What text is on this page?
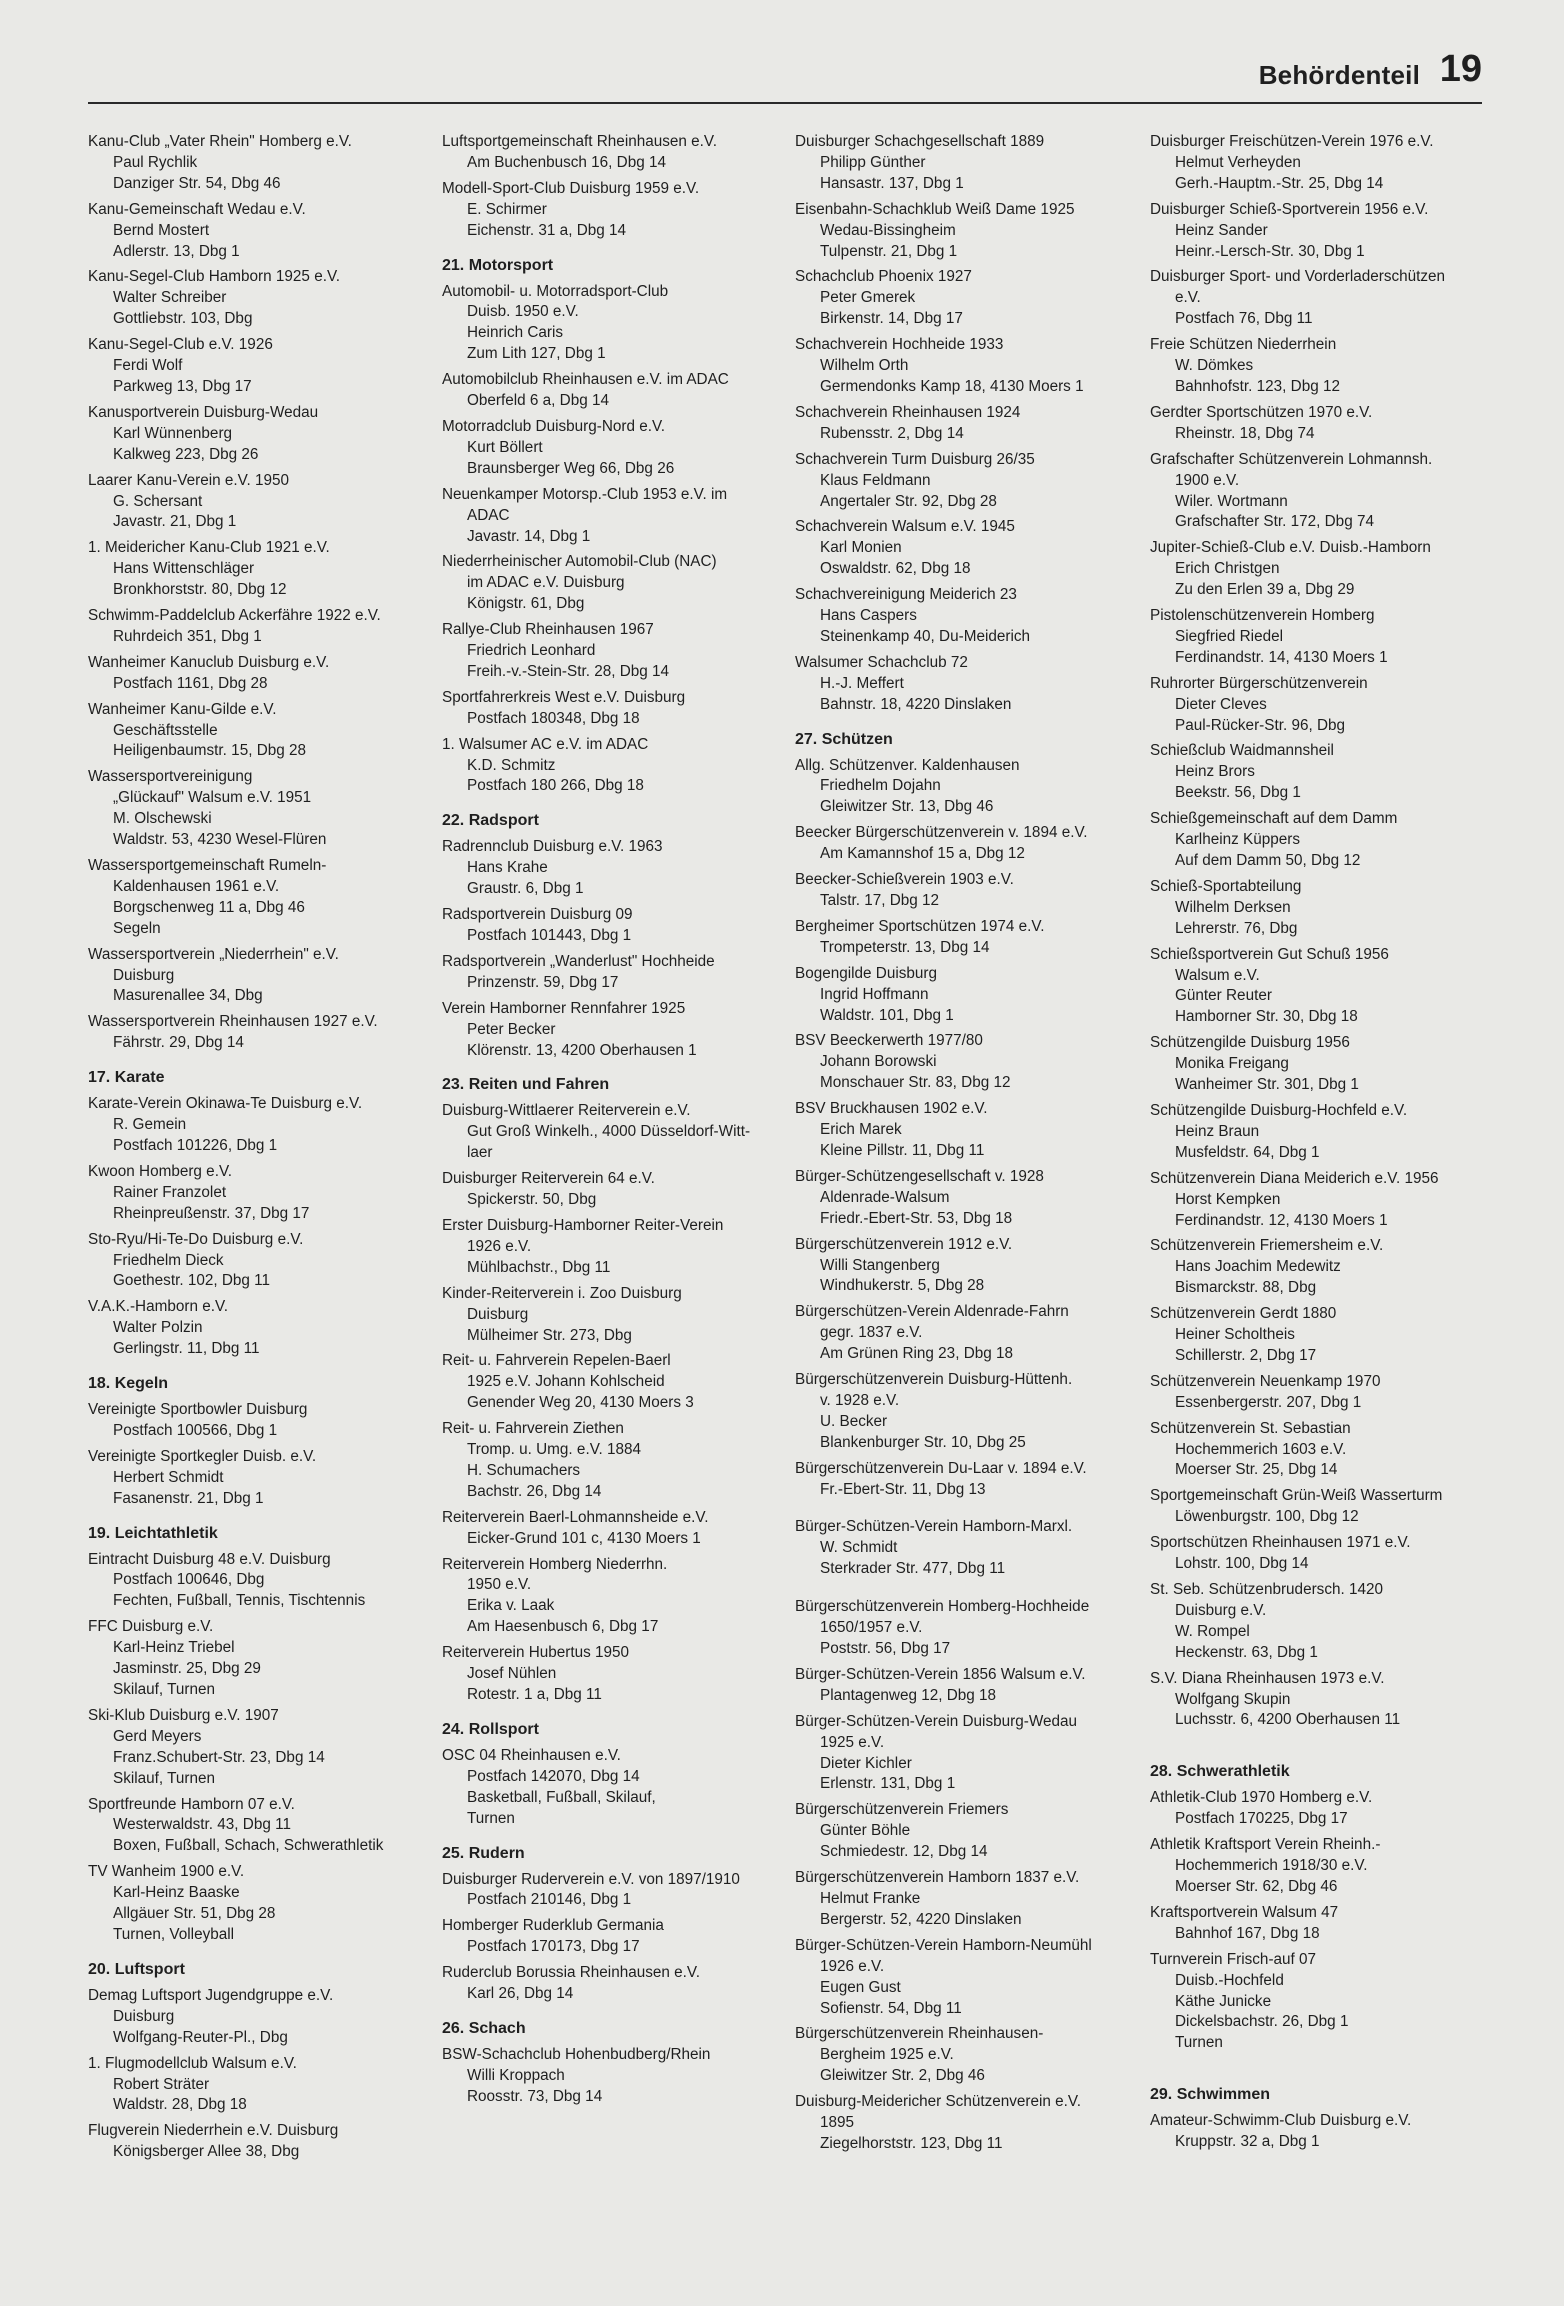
Behördenteil 19
Kanu-Club „Vater Rhein" Homberg e.V.
Paul Rychlik
Danziger Str. 54, Dbg 46
Kanu-Gemeinschaft Wedau e.V.
Bernd Mostert
Adlerstr. 13, Dbg 1
Kanu-Segel-Club Hamborn 1925 e.V.
Walter Schreiber
Gottliebstr. 103, Dbg
Kanu-Segel-Club e.V. 1926
Ferdi Wolf
Parkweg 13, Dbg 17
Kanusportverein Duisburg-Wedau
Karl Wünnenberg
Kalkweg 223, Dbg 26
Laarer Kanu-Verein e.V. 1950
G. Schersant
Javastr. 21, Dbg 1
1. Meidericher Kanu-Club 1921 e.V.
Hans Wittenschläger
Bronkhorststr. 80, Dbg 12
Schwimm-Paddelclub Ackerfähre 1922 e.V.
Ruhrdeich 351, Dbg 1
Wanheimer Kanuclub Duisburg e.V.
Postfach 1161, Dbg 28
Wanheimer Kanu-Gilde e.V.
Geschäftsstelle
Heiligenbaumstr. 15, Dbg 28
Wassersportvereinigung
„Glückauf" Walsum e.V. 1951
M. Olschewski
Waldstr. 53, 4230 Wesel-Flüren
Wassersportgemeinschaft Rumeln-
Kaldenhausen 1961 e.V.
Borgschenweg 11 a, Dbg 46
Segeln
Wassersportverein „Niederrhein" e.V.
Duisburg
Masurenallee 34, Dbg
Wassersportverein Rheinhausen 1927 e.V.
Fährstr. 29, Dbg 14
17. Karate
Karate-Verein Okinawa-Te Duisburg e.V.
R. Gemein
Postfach 101226, Dbg 1
Kwoon Homberg e.V.
Rainer Franzolet
Rheinpreußenstr. 37, Dbg 17
Sto-Ryu/Hi-Te-Do Duisburg e.V.
Friedhelm Dieck
Goethestr. 102, Dbg 11
V.A.K.-Hamborn e.V.
Walter Polzin
Gerlingstr. 11, Dbg 11
18. Kegeln
Vereinigte Sportbowler Duisburg
Postfach 100566, Dbg 1
Vereinigte Sportkegler Duisb. e.V.
Herbert Schmidt
Fasanenstr. 21, Dbg 1
19. Leichtathletik
Eintracht Duisburg 48 e.V. Duisburg
Postfach 100646, Dbg
Fechten, Fußball, Tennis, Tischtennis
FFC Duisburg e.V.
Karl-Heinz Triebel
Jasminstr. 25, Dbg 29
Skilauf, Turnen
Ski-Klub Duisburg e.V. 1907
Gerd Meyers
Franz.Schubert-Str. 23, Dbg 14
Skilauf, Turnen
Sportfreunde Hamborn 07 e.V.
Westerwaldstr. 43, Dbg 11
Boxen, Fußball, Schach, Schwerathletik
TV Wanheim 1900 e.V.
Karl-Heinz Baaske
Allgäuer Str. 51, Dbg 28
Turnen, Volleyball
20. Luftsport
Demag Luftsport Jugendgruppe e.V.
Duisburg
Wolfgang-Reuter-Pl., Dbg
1. Flugmodellclub Walsum e.V.
Robert Sträter
Waldstr. 28, Dbg 18
Flugverein Niederrhein e.V. Duisburg
Königsberger Allee 38, Dbg
Luftsportgemeinschaft Rheinhausen e.V.
Am Buchenbusch 16, Dbg 14
Modell-Sport-Club Duisburg 1959 e.V.
E. Schirmer
Eichenstr. 31 a, Dbg 14
21. Motorsport
Automobil- u. Motorradsport-Club
Duisb. 1950 e.V.
Heinrich Caris
Zum Lith 127, Dbg 1
Automobilclub Rheinhausen e.V. im ADAC
Oberfeld 6 a, Dbg 14
Motorradclub Duisburg-Nord e.V.
Kurt Böllert
Braunsberger Weg 66, Dbg 26
Neuenkamper Motorsp.-Club 1953 e.V. im
ADAC
Javastr. 14, Dbg 1
Niederrheinischer Automobil-Club (NAC)
im ADAC e.V. Duisburg
Königstr. 61, Dbg
Rallye-Club Rheinhausen 1967
Friedrich Leonhard
Freih.-v.-Stein-Str. 28, Dbg 14
Sportfahrerkreis West e.V. Duisburg
Postfach 180348, Dbg 18
1. Walsumer AC e.V. im ADAC
K.D. Schmitz
Postfach 180 266, Dbg 18
22. Radsport
Radrennclub Duisburg e.V. 1963
Hans Krahe
Graustr. 6, Dbg 1
Radsportverein Duisburg 09
Postfach 101443, Dbg 1
Radsportverein „Wanderlust" Hochheide
Prinzenstr. 59, Dbg 17
Verein Hamborner Rennfahrer 1925
Peter Becker
Klörenstr. 13, 4200 Oberhausen 1
23. Reiten und Fahren
Duisburg-Wittlaerer Reiterverein e.V.
Gut Groß Winkelh., 4000 Düsseldorf-Witt-
laer
Duisburger Reiterverein 64 e.V.
Spickerstr. 50, Dbg
Erster Duisburg-Hamborner Reiter-Verein
1926 e.V.
Mühlbachstr., Dbg 11
Kinder-Reiterverein i. Zoo Duisburg
Duisburg
Mülheimer Str. 273, Dbg
Reit- u. Fahrverein Repelen-Baerl
1925 e.V. Johann Kohlscheid
Genender Weg 20, 4130 Moers 3
Reit- u. Fahrverein Ziethen
Tromp. u. Umg. e.V. 1884
H. Schumachers
Bachstr. 26, Dbg 14
Reiterverein Baerl-Lohmannsheide e.V.
Eicker-Grund 101 c, 4130 Moers 1
Reiterverein Homberg Niederrhn.
1950 e.V.
Erika v. Laak
Am Haesenbusch 6, Dbg 17
Reiterverein Hubertus 1950
Josef Nühlen
Rotestr. 1 a, Dbg 11
24. Rollsport
OSC 04 Rheinhausen e.V.
Postfach 142070, Dbg 14
Basketball, Fußball, Skilauf,
Turnen
25. Rudern
Duisburger Ruderverein e.V. von 1897/1910
Postfach 210146, Dbg 1
Homberger Ruderklub Germania
Postfach 170173, Dbg 17
Ruderclub Borussia Rheinhausen e.V.
Karl 26, Dbg 14
26. Schach
BSW-Schachclub Hohenbudberg/Rhein
Willi Kroppach
Roosstr. 73, Dbg 14
Duisburger Schachgesellschaft 1889
Philipp Günther
Hansastr. 137, Dbg 1
Eisenbahn-Schachklub Weiß Dame 1925
Wedau-Bissingheim
Tulpenstr. 21, Dbg 1
Schachclub Phoenix 1927
Peter Gmerek
Birkenstr. 14, Dbg 17
Schachverein Hochheide 1933
Wilhelm Orth
Germendonks Kamp 18, 4130 Moers 1
Schachverein Rheinhausen 1924
Rubensstr. 2, Dbg 14
Schachverein Turm Duisburg 26/35
Klaus Feldmann
Angertaler Str. 92, Dbg 28
Schachverein Walsum e.V. 1945
Karl Monien
Oswaldstr. 62, Dbg 18
Schachvereinigung Meiderich 23
Hans Caspers
Steinenkamp 40, Du-Meiderich
Walsumer Schachclub 72
H.-J. Meffert
Bahnstr. 18, 4220 Dinslaken
27. Schützen
Allg. Schützenver. Kaldenhausen
Friedhelm Dojahn
Gleiwitzer Str. 13, Dbg 46
Beecker Bürgerschützenverein v. 1894 e.V.
Am Kamannshof 15 a, Dbg 12
Beecker-Schießverein 1903 e.V.
Talstr. 17, Dbg 12
Bergheimer Sportschützen 1974 e.V.
Trompeterstr. 13, Dbg 14
Bogengilde Duisburg
Ingrid Hoffmann
Waldstr. 101, Dbg 1
BSV Beeckerwerth 1977/80
Johann Borowski
Monschauer Str. 83, Dbg 12
BSV Bruckhausen 1902 e.V.
Erich Marek
Kleine Pillstr. 11, Dbg 11
Bürger-Schützengesellschaft v. 1928
Aldenrade-Walsum
Friedr.-Ebert-Str. 53, Dbg 18
Bürgerschützenverein 1912 e.V.
Willi Stangenberg
Windhukerstr. 5, Dbg 28
Bürgerschützen-Verein Aldenrade-Fahrn
gegr. 1837 e.V.
Am Grünen Ring 23, Dbg 18
Bürgerschützenverein Duisburg-Hüttenh.
v. 1928 e.V.
U. Becker
Blankenburger Str. 10, Dbg 25
Bürgerschützenverein Du-Laar v. 1894 e.V.
Fr.-Ebert-Str. 11, Dbg 13
Bürger-Schützen-Verein Hamborn-Marxl.
W. Schmidt
Sterkrader Str. 477, Dbg 11
Bürgerschützenverein Homberg-Hochheide
1650/1957 e.V.
Poststr. 56, Dbg 17
Bürger-Schützen-Verein 1856 Walsum e.V.
Plantagenweg 12, Dbg 18
Bürger-Schützen-Verein Duisburg-Wedau
1925 e.V.
Dieter Kichler
Erlenstr. 131, Dbg 1
Bürgerschützenverein Friemers
Günter Böhle
Schmiedestr. 12, Dbg 14
Bürgerschützenverein Hamborn 1837 e.V.
Helmut Franke
Bergerstr. 52, 4220 Dinslaken
Bürger-Schützen-Verein Hamborn-Neumühl
1926 e.V.
Eugen Gust
Sofienstr. 54, Dbg 11
Bürgerschützenverein Rheinhausen-
Bergheim 1925 e.V.
Gleiwitzer Str. 2, Dbg 46
Duisburg-Meidericher Schützenverein e.V.
1895
Ziegelhorststr. 123, Dbg 11
Duisburger Freischützen-Verein 1976 e.V.
Helmut Verheyden
Gerh.-Hauptm.-Str. 25, Dbg 14
Duisburger Schieß-Sportverein 1956 e.V.
Heinz Sander
Heinr.-Lersch-Str. 30, Dbg 1
Duisburger Sport- und Vorderladerschützen
e.V.
Postfach 76, Dbg 11
Freie Schützen Niederrhein
W. Dömkes
Bahnhofstr. 123, Dbg 12
Gerdter Sportschützen 1970 e.V.
Rheinstr. 18, Dbg 74
Grafschafter Schützenverein Lohmannsh.
1900 e.V.
Wiler. Wortmann
Grafschafter Str. 172, Dbg 74
Jupiter-Schieß-Club e.V. Duisb.-Hamborn
Erich Christgen
Zu den Erlen 39 a, Dbg 29
Pistolenschützenverein Homberg
Siegfried Riedel
Ferdinandstr. 14, 4130 Moers 1
Ruhrorter Bürgerschützenverein
Dieter Cleves
Paul-Rücker-Str. 96, Dbg
Schießclub Waidmannsheil
Heinz Brors
Beekstr. 56, Dbg 1
Schießgemeinschaft auf dem Damm
Karlheinz Küppers
Auf dem Damm 50, Dbg 12
Schieß-Sportabteilung
Wilhelm Derksen
Lehrerstr. 76, Dbg
Schießsportverein Gut Schuß 1956
Walsum e.V.
Günter Reuter
Hamborner Str. 30, Dbg 18
Schützengilde Duisburg 1956
Monika Freigang
Wanheimer Str. 301, Dbg 1
Schützengilde Duisburg-Hochfeld e.V.
Heinz Braun
Musfeldstr. 64, Dbg 1
Schützenverein Diana Meiderich e.V. 1956
Horst Kempken
Ferdinandstr. 12, 4130 Moers 1
Schützenverein Friemersheim e.V.
Hans Joachim Medewitz
Bismarckstr. 88, Dbg
Schützenverein Gerdt 1880
Heiner Scholtheis
Schillerstr. 2, Dbg 17
Schützenverein Neuenkamp 1970
Essenbergerstr. 207, Dbg 1
Schützenverein St. Sebastian
Hochemmerich 1603 e.V.
Moerser Str. 25, Dbg 14
Sportgemeinschaft Grün-Weiß Wasserturm
Löwenburgstr. 100, Dbg 12
Sportschützen Rheinhausen 1971 e.V.
Lohstr. 100, Dbg 14
St. Seb. Schützenbrudersch. 1420
Duisburg e.V.
W. Rompel
Heckenstr. 63, Dbg 1
S.V. Diana Rheinhausen 1973 e.V.
Wolfgang Skupin
Luchsstr. 6, 4200 Oberhausen 11
28. Schwerathletik
Athletik-Club 1970 Homberg e.V.
Postfach 170225, Dbg 17
Athletik Kraftsport Verein Rheinh.-
Hochemmerich 1918/30 e.V.
Moerser Str. 62, Dbg 46
Kraftsportverein Walsum 47
Bahnhof 167, Dbg 18
Turnverein Frisch-auf 07
Duisb.-Hochfeld
Käthe Junicke
Dickelsbachstr. 26, Dbg 1
Turnen
29. Schwimmen
Amateur-Schwimm-Club Duisburg e.V.
Kruppstr. 32 a, Dbg 1
